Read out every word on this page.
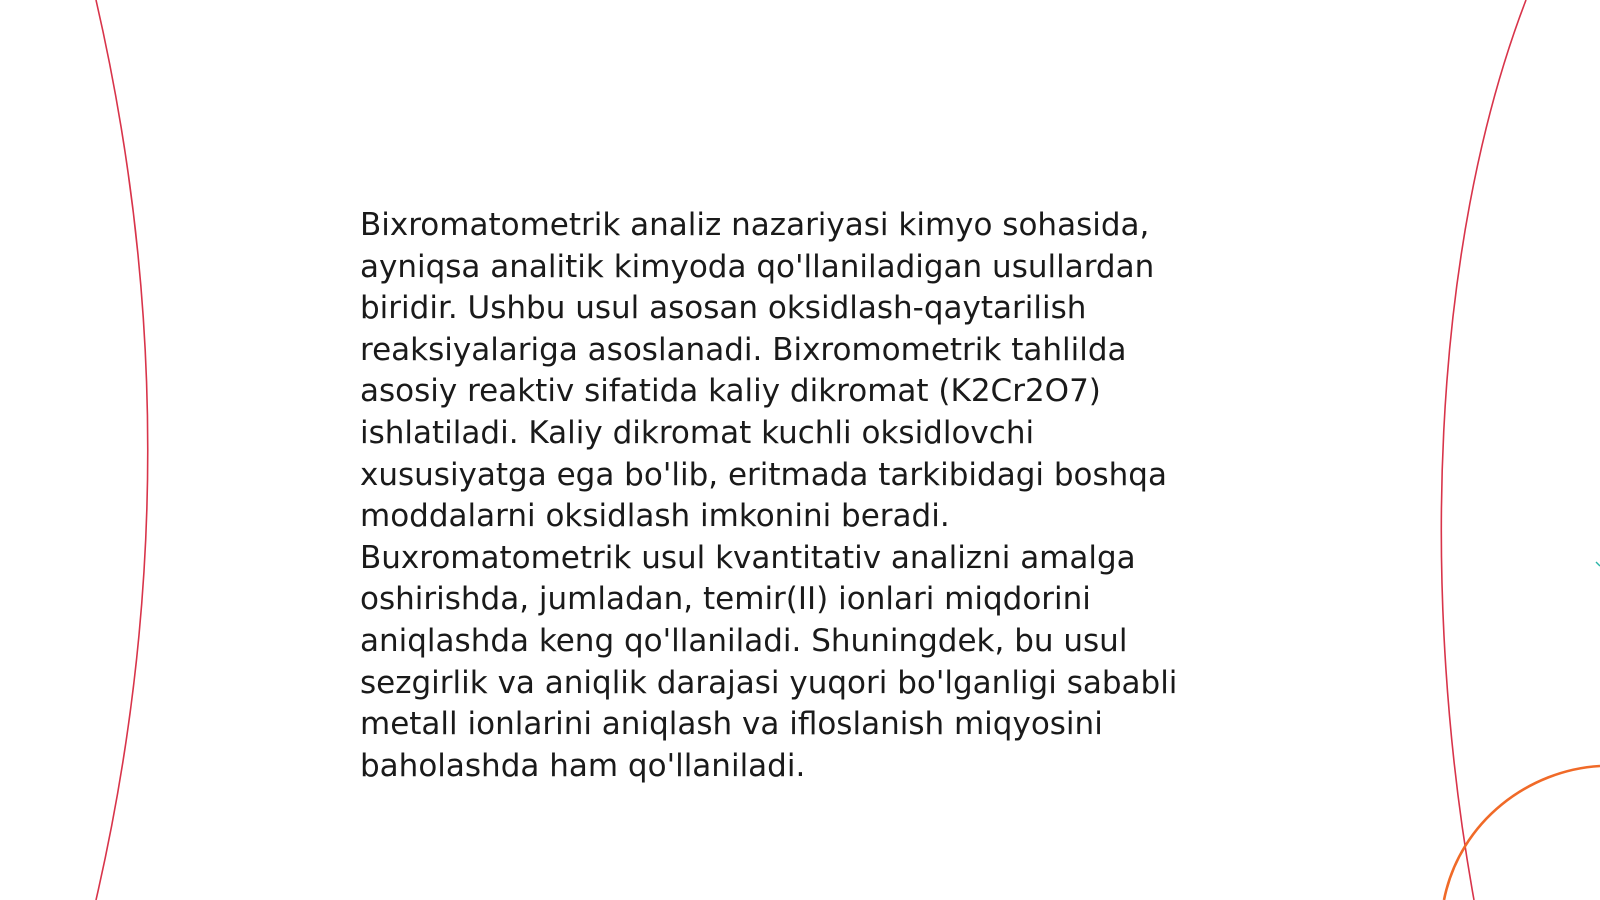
Bixromatometrik analiz nazariyasi kimyo sohasida, ayniqsa analitik kimyoda qo'llaniladigan usullardan biridir. Ushbu usul asosan oksidlash-qaytarilish reaksiyalariga asoslanadi. Bixromometrik tahlilda asosiy reaktiv sifatida kaliy dikromat (K2Cr2O7) ishlatiladi. Kaliy dikromat kuchli oksidlovchi xususiyatga ega bo'lib, eritmada tarkibidagi boshqa moddalarni oksidlash imkonini beradi. Buxromatometrik usul kvantitativ analizni amalga oshirishda, jumladan, temir(II) ionlari miqdorini aniqlashda keng qo'llaniladi. Shuningdek, bu usul sezgirlik va aniqlik darajasi yuqori bo'lganligi sababli metall ionlarini aniqlash va ifloslanish miqyosini baholashda ham qo'llaniladi.
